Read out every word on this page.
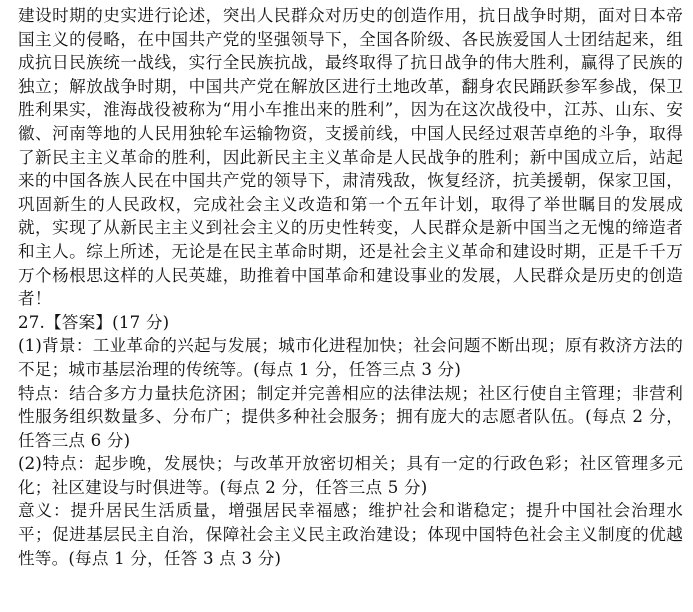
建设时期的史实进行论述，突出人民群众对历史的创造作用，抗日战争时期，面对日本帝国主义的侵略，在中国共产党的坚强领导下，全国各阶级、各民族爱国人士团结起来，组成抗日民族统一战线，实行全民族抗战，最终取得了抗日战争的伟大胜利，赢得了民族的独立；解放战争时期，中国共产党在解放区进行土地改革，翻身农民踊跃参军参战，保卫胜利果实，淮海战役被称为“用小车推出来的胜利”，因为在这次战役中，江苏、山东、安徽、河南等地的人民用独轮车运输物资，支援前线，中国人民经过艰苦卓绝的斗争，取得了新民主主义革命的胜利，因此新民主主义革命是人民战争的胜利；新中国成立后，站起来的中国各族人民在中国共产党的领导下，肃清残敌，恢复经济，抗美援朝，保家卫国，巩固新生的人民政权，完成社会主义改造和第一个五年计划，取得了举世瞩目的发展成就，实现了从新民主主义到社会主义的历史性转变，人民群众是新中国当之无愧的缔造者和主人。综上所述，无论是在民主革命时期，还是社会主义革命和建设时期，正是千千万万个杨根思这样的人民英雄，助推着中国革命和建设事业的发展，人民群众是历史的创造者！

27.【答案】(17 分)

(1)背景：工业革命的兴起与发展；城市化进程加快；社会问题不断出现；原有救济方法的不足；城市基层治理的传统等。(每点 1 分，任答三点 3 分)

特点：结合多方力量扶危济困；制定并完善相应的法律法规；社区行使自主管理；非营利性服务组织数量多、分布广；提供多种社会服务；拥有庞大的志愿者队伍。(每点 2 分，任答三点 6 分)

(2)特点：起步晚，发展快；与改革开放密切相关；具有一定的行政色彩；社区管理多元化；社区建设与时俱进等。(每点 2 分，任答三点 5 分)

意义：提升居民生活质量，增强居民幸福感；维护社会和谐稳定；提升中国社会治理水平；促进基层民主自治，保障社会主义民主政治建设；体现中国特色社会主义制度的优越性等。(每点 1 分，任答 3 点 3 分)
